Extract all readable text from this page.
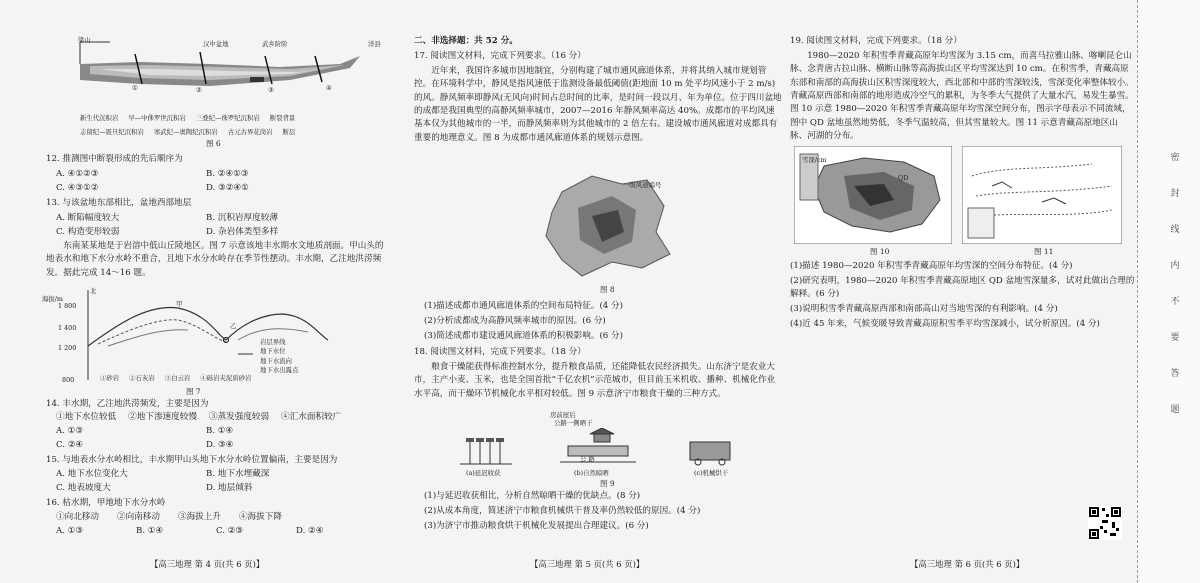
梁山	汉中盆地	武乡阶阶	洋县
①	②	③	④
新生代沉积岩 早—中侏罗世沉积岩 三叠纪—侏罗纪沉积岩 断裂背景
志留纪—震旦纪沉积岩 寒武纪—奥陶纪沉积岩 古元古界花岗岩 断层
图 6
12. 推测图中断裂形成的先后顺序为
A. ④①②③	B. ②④①③
C. ④③①②	D. ③②④①
13. 与该盆地东部相比，盆地西部地层
A. 断陷幅度较大	B. 沉积岩厚度较薄
C. 构造变形较弱	D. 杂岩体类型多样
东南某某地是于岩溶中低山丘陵地区。图 7 示意该地丰水期水文地质剖面。甲山头的地表水和地下水分水岭不重合，且地下水分水岭存在季节性摆动。丰水期，乙注地洪涝频发。据此完成 14～16 题。
北
海拔/m
1 800
1 400
1 200
800
甲
乙
岩层界线
地下水位
地下水流向
地下水出露点
①砂岩 ②石灰岩 ③白云岩 ④砾岩夹泥质砂岩
图 7
14. 丰水期，乙注地洪涝频发，主要是因为
①地下水位较低 ②地下渗速度较慢 ③蒸发强度较弱 ④汇水面积较广
A. ①③	B. ①④
C. ②④	D. ③④
15. 与地表水分水岭相比，丰水期甲山头地下水分水岭位置偏南，主要是因为
A. 地下水位变化大	B. 地下水埋藏深
C. 地表坡度大	D. 地层倾斜
16. 枯水期，甲地地下水分水岭
①向北移动 ②向南移动 ③海拔上升 ④海拔下降
A. ①③	B. ①④	C. ②③	D. ②④
【高三地理 第 4 页(共 6 页)】
二、非选择题：共 52 分。
17. 阅读图文材料，完成下列要求。（16 分）
近年来，我国许多城市因地制宜，分别构建了城市通风廊道体系，并将其纳入城市规划管控。在环境科学中，静风是指风速低于监测设备最低阈值(距地面 10 m 处平均风速小于 2 m/s)的风。静风频率即静风(无风向)时间占总时间的比率，是时间一段以月、年为单位。位于四川盆地的成都是我国典型的高静风频率城市，2007—2016 年静风频率高达 40%。成都市的平均风速基本仅为其他城市的一半，而静风频率则为其他城市的 2 倍左右。建设城市通风廊道对成都具有重要的地理意义。图 8 为成都市通风廊道体系的规划示意图。
一级风道编号
图 8
(1)描述成都市通风廊道体系的空间布局特征。(4 分)
(2)分析成都成为高静风频率城市的原因。(6 分)
(3)简述成都市建设通风廊道体系的积极影响。(6 分)
18. 阅读图文材料，完成下列要求。（18 分）
粮食干燥能获得标准控制水分，提升粮食品质，还能降低农民经济损失。山东济宁是农业大市，主产小麦、玉米，也是全国首批“千亿农机”示范城市，但目前玉米机收、播种、机械化作业水平高，而干燥环节机械化水平相对较低。图 9 示意济宁市粮食干燥的三种方式。
房前屋后
公路一侧晒干
公 路
(a)延迟收获	(b)自然晾晒	(c)机械烘干
图 9
(1)与延迟收获相比，分析自然晾晒干燥的优缺点。(8 分)
(2)从成本角度，简述济宁市粮食机械烘干普及率仍然较低的原因。(4 分)
(3)为济宁市推动粮食烘干机械化发展提出合理建议。(6 分)
【高三地理 第 5 页(共 6 页)】
19. 阅读图文材料，完成下列要求。（18 分）
1980—2020 年积雪季青藏高原年均雪深为 3.15 cm，而喜马拉雅山脉、喀喇昆仑山脉、念青唐古拉山脉、横断山脉等高海拔山区平均雪深达到 10 cm。在积雪季，青藏高原东部和南部的高海拔山区积雪深度较大，西北部和中部的雪深较浅，雪深变化率整体较小。青藏高原西部和南部的地形造成冷空气的累积，为冬季大气提供了大量水汽，易发生暴雪。图 10 示意 1980—2020 年积雪季青藏高原年均雪深空间分布，图示字母表示不同流域，图中 QD 盆地虽然地势低，冬季气温较高，但其雪量较大。图 11 示意青藏高原地区山脉、河湖的分布。
雪深/cm
QD
图 10	图 11
(1)描述 1980—2020 年积雪季青藏高原年均雪深的空间分布特征。(4 分)
(2)研究表明，1980—2020 年积雪季青藏高原地区 QD 盆地雪深量多，试对此做出合理的解释。(6 分)
(3)说明积雪季青藏高原西部和南部高山对当地雪深的有利影响。(4 分)
(4)近 45 年来，气候变暖导致青藏高原积雪季平均雪深减小，试分析原因。(4 分)
【高三地理 第 6 页(共 6 页)】
密
封
线
内
不
要
答
题
